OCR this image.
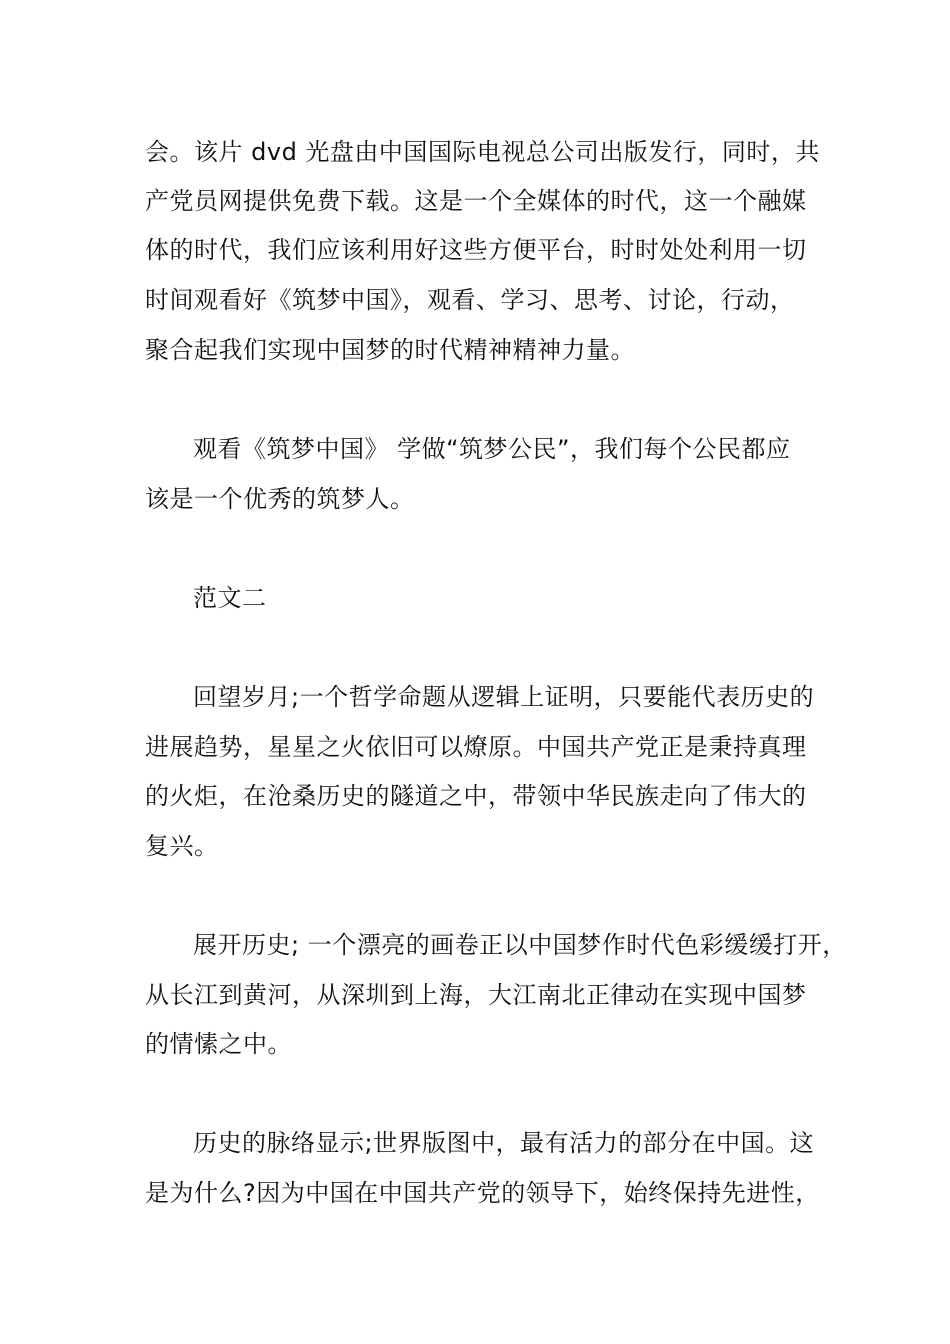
会。该片 dvd 光盘由中国国际电视总公司出版发行，同时，共
产党员网提供免费下载。这是一个全媒体的时代，这一个融媒
体的时代，我们应该利用好这些方便平台，时时处处利用一切
时间观看好《筑梦中国》，观看、学习、思考、讨论，行动，
聚合起我们实现中国梦的时代精神精神力量。
观看《筑梦中国》 学做“筑梦公民”，我们每个公民都应
该是一个优秀的筑梦人。
范文二
回望岁月;一个哲学命题从逻辑上证明，只要能代表历史的
进展趋势，星星之火依旧可以燎原。中国共产党正是秉持真理
的火炬，在沧桑历史的隧道之中，带领中华民族走向了伟大的
复兴。
展开历史; 一个漂亮的画卷正以中国梦作时代色彩缓缓打开，
从长江到黄河，从深圳到上海，大江南北正律动在实现中国梦
的情愫之中。
历史的脉络显示;世界版图中，最有活力的部分在中国。这
是为什么?因为中国在中国共产党的领导下，始终保持先进性，
